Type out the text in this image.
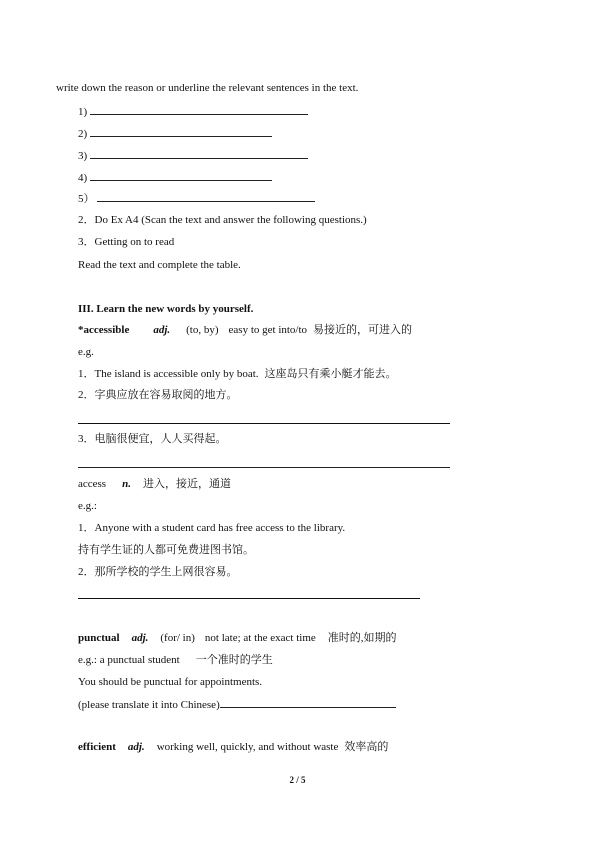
write down the reason or underline the relevant sentences in the text.
1)
2)
3)
4)
5）
2．Do Ex A4 (Scan the text and answer the following questions.)
3．Getting on to read
Read the text and complete the table.
III. Learn the new words by yourself.
*accessible adj. (to, by) easy to get into/to 易接近的，可进入的
e.g.
1．The island is accessible only by boat. 这座岛只有乘小艇才能去。
2．字典应放在容易取阅的地方。
3．电脑很便宜，人人买得起。
access n. 进入，接近，通道
e.g.:
1．Anyone with a student card has free access to the library.
持有学生证的人都可免费进图书馆。
2．那所学校的学生上网很容易。
punctual adj. (for/ in) not late; at the exact time 准时的,如期的
e.g.: a punctual student 一个准时的学生
You should be punctual for appointments.
(please translate it into Chinese)
efficient adj. working well, quickly, and without waste 效率高的
2 / 5
